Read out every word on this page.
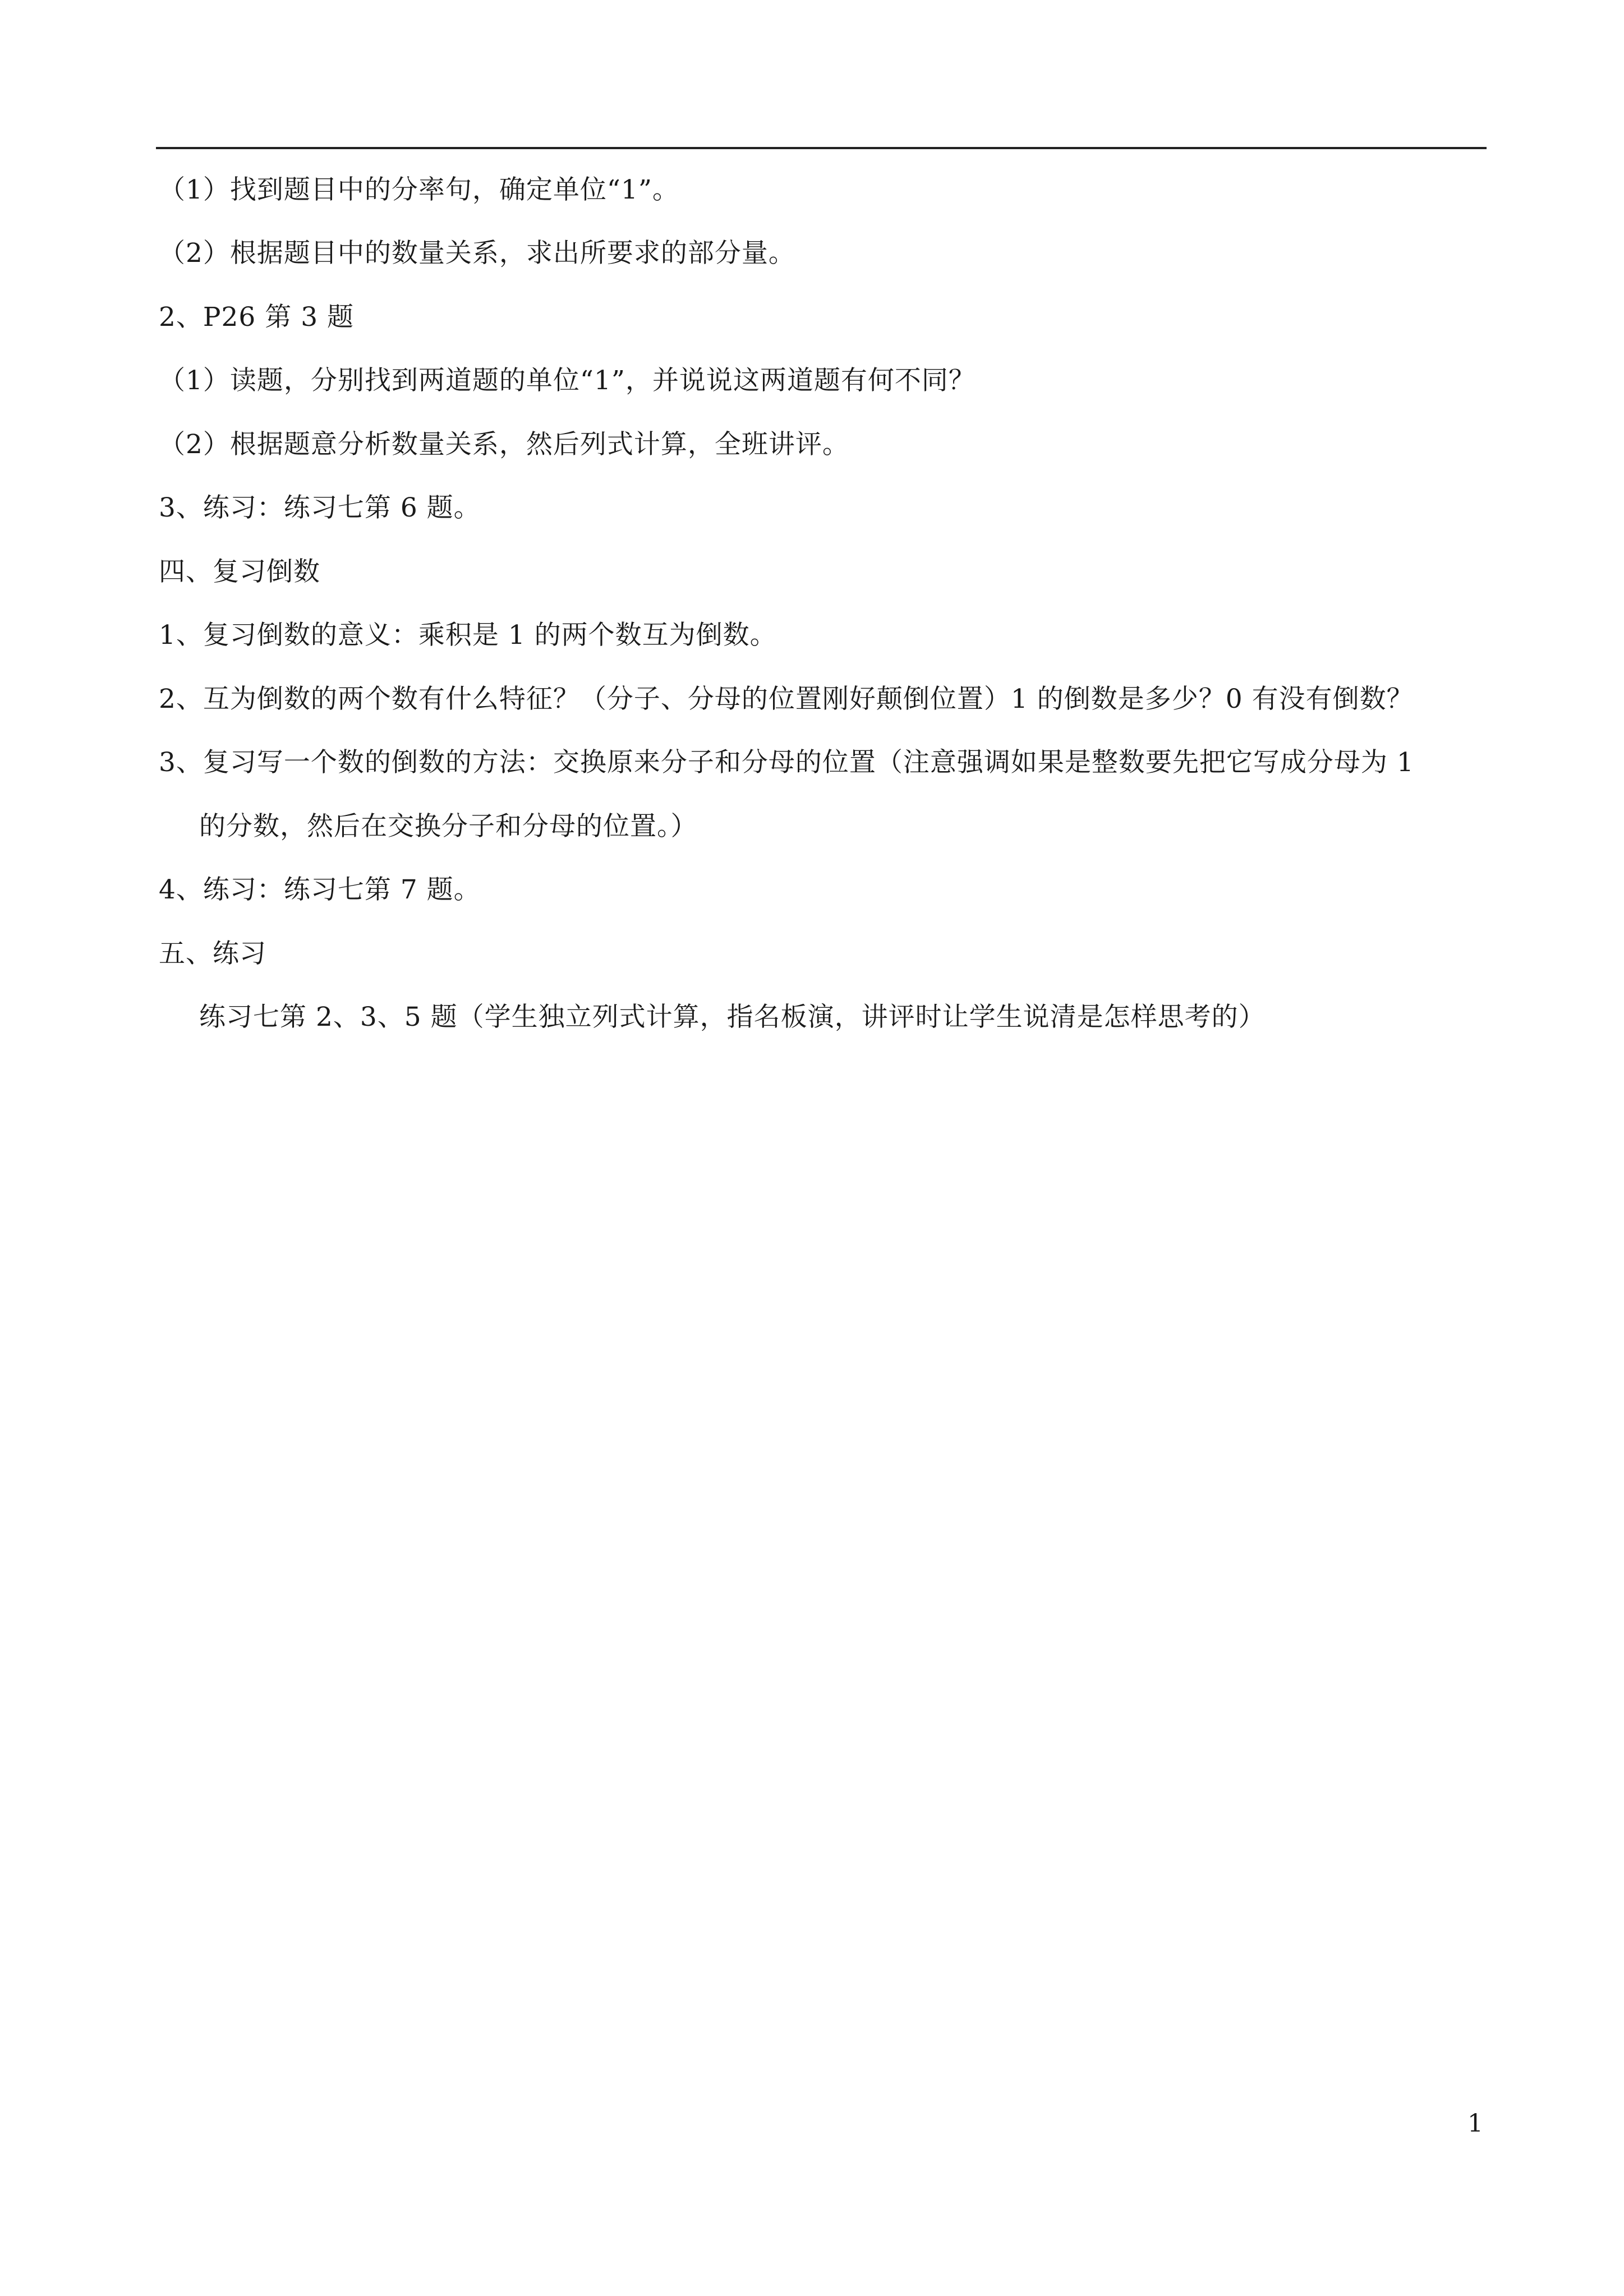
（1）找到题目中的分率句，确定单位“1”。
（2）根据题目中的数量关系，求出所要求的部分量。
2、P26 第 3 题
（1）读题，分别找到两道题的单位“1”，并说说这两道题有何不同？
（2）根据题意分析数量关系，然后列式计算，全班讲评。
3、练习：练习七第 6 题。
四、复习倒数
1、复习倒数的意义：乘积是 1 的两个数互为倒数。
2、互为倒数的两个数有什么特征？（分子、分母的位置刚好颠倒位置）1 的倒数是多少？0 有没有倒数？
3、复习写一个数的倒数的方法：交换原来分子和分母的位置（注意强调如果是整数要先把它写成分母为 1
的分数，然后在交换分子和分母的位置。）
4、练习：练习七第 7 题。
五、练习
练习七第 2、3、5 题（学生独立列式计算，指名板演，讲评时让学生说清是怎样思考的）
1
